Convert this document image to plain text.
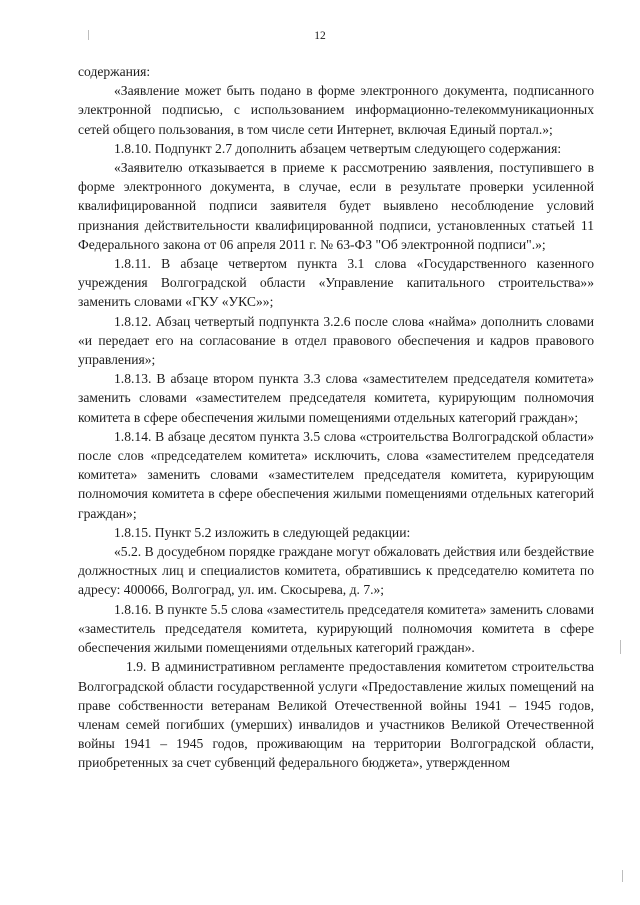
12

содержания:

«Заявление может быть подано в форме электронного документа, подписанного электронной подписью, с использованием информационно-телекоммуникационных сетей общего пользования, в том числе сети Интернет, включая Единый портал.»;

1.8.10. Подпункт 2.7 дополнить абзацем четвертым следующего содержания:

«Заявителю отказывается в приеме к рассмотрению заявления, поступившего в форме электронного документа, в случае, если в результате проверки усиленной квалифицированной подписи заявителя будет выявлено несоблюдение условий признания действительности квалифицированной подписи, установленных статьей 11 Федерального закона от 06 апреля 2011 г. № 63-ФЗ "Об электронной подписи".»;

1.8.11. В абзаце четвертом пункта 3.1 слова «Государственного казенного учреждения Волгоградской области «Управление капитального строительства»» заменить словами «ГКУ «УКС»»;

1.8.12. Абзац четвертый подпункта 3.2.6 после слова «найма» дополнить словами «и передает его на согласование в отдел правового обеспечения и кадров правового управления»;

1.8.13. В абзаце втором пункта 3.3 слова «заместителем председателя комитета» заменить словами «заместителем председателя комитета, курирующим полномочия комитета в сфере обеспечения жилыми помещениями отдельных категорий граждан»;

1.8.14. В абзаце десятом пункта 3.5 слова «строительства Волгоградской области» после слов «председателем комитета» исключить, слова «заместителем председателя комитета» заменить словами «заместителем председателя комитета, курирующим полномочия комитета в сфере обеспечения жилыми помещениями отдельных категорий граждан»;

1.8.15. Пункт 5.2 изложить в следующей редакции:

«5.2. В досудебном порядке граждане могут обжаловать действия или бездействие должностных лиц и специалистов комитета, обратившись к председателю комитета по адресу: 400066, Волгоград, ул. им. Скосырева, д. 7.»;

1.8.16. В пункте 5.5 слова «заместитель председателя комитета» заменить словами «заместитель председателя комитета, курирующий полномочия комитета в сфере обеспечения жилыми помещениями отдельных категорий граждан».

1.9. В административном регламенте предоставления комитетом строительства Волгоградской области государственной услуги «Предоставление жилых помещений на праве собственности ветеранам Великой Отечественной войны 1941 – 1945 годов, членам семей погибших (умерших) инвалидов и участников Великой Отечественной войны 1941 – 1945 годов, проживающим на территории Волгоградской области, приобретенных за счет субвенций федерального бюджета», утвержденном
